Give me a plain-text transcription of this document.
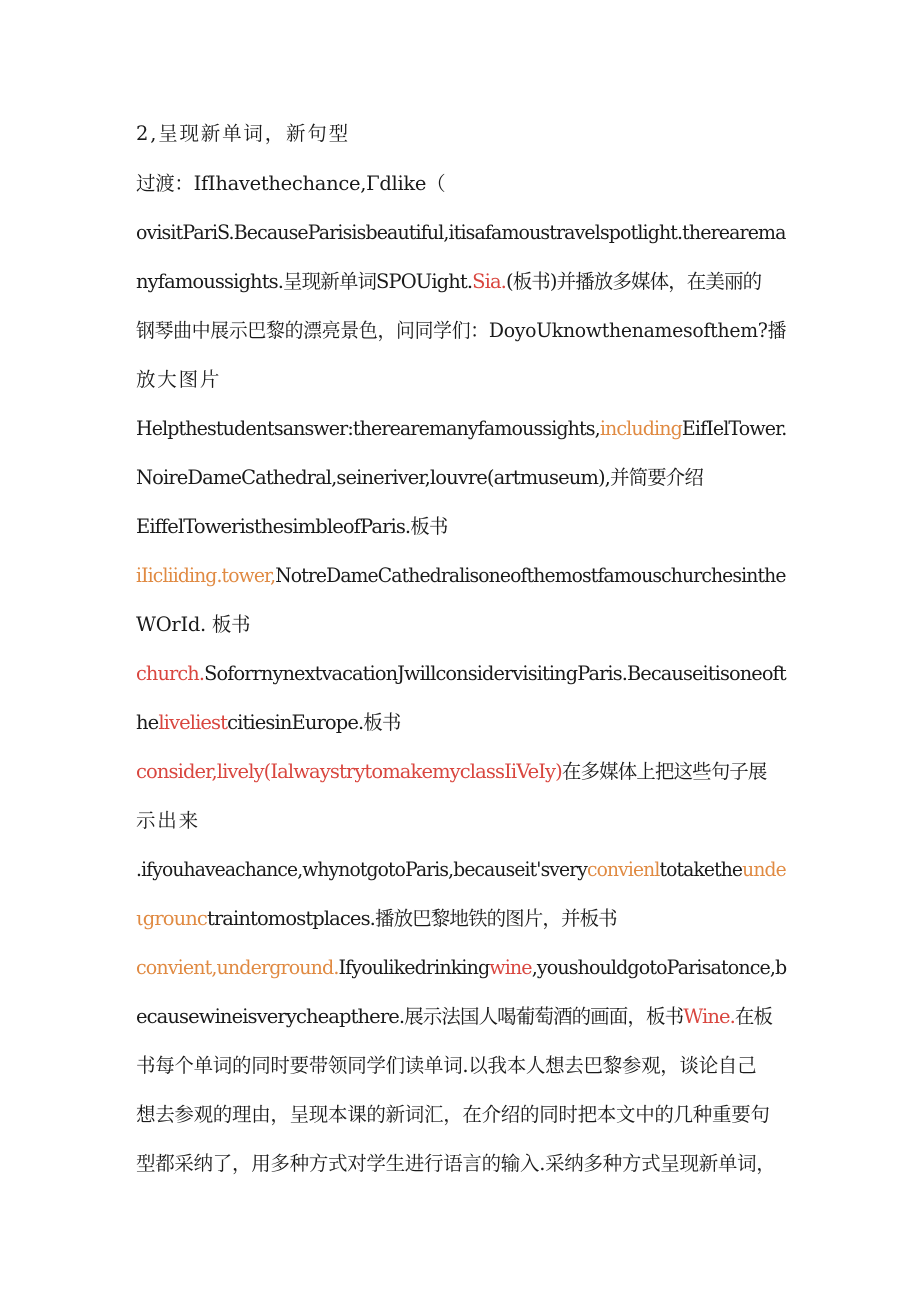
2,呈现新单词，新句型
过渡：IfIhavethechance,Γdlike（
ovisitPariS.BecauseParisisbeautiful,itisafamoustravelspotlight.therearema
nyfamoussights.呈现新单词SPOUight.Sia.(板书)并播放多媒体，在美丽的
钢琴曲中展示巴黎的漂亮景色，问同学们：DoyoUknowthenamesofthem?播
放大图片
Helpthestudentsanswer:therearemanyfamoussights,includingEifIelTower.
NoireDameCathedral,seineriver,louvre(artmuseum),并简要介绍
EiffelToweristhesimbleofParis.板书
iIicliiding.tower,NotreDameCathedralisoneofthemostfamouschurchesinthe
WOrId. 板书
church.SoforrnynextvacationJwillconsidervisitingParis.Becauseitisoneoft
heliveliestcitiesinEurope.板书
consider,lively(IalwaystrytomakemyclassIiVeIy)在多媒体上把这些句子展
示出来
.ifyouhaveachance,whynotgotoParis,becauseit'sveryconvienltotaketheunde
ιgrounctraintomostplaces.播放巴黎地铁的图片，并板书
convient,underground.Ifyoulikedrinkingwine,youshouldgotoParisatonce,b
ecausewineisverycheapthere.展示法国人喝葡萄酒的画面，板书Wine.在板
书每个单词的同时要带领同学们读单词.以我本人想去巴黎参观，谈论自己
想去参观的理由，呈现本课的新词汇，在介绍的同时把本文中的几种重要句
型都采纳了，用多种方式对学生进行语言的输入.采纳多种方式呈现新单词，
